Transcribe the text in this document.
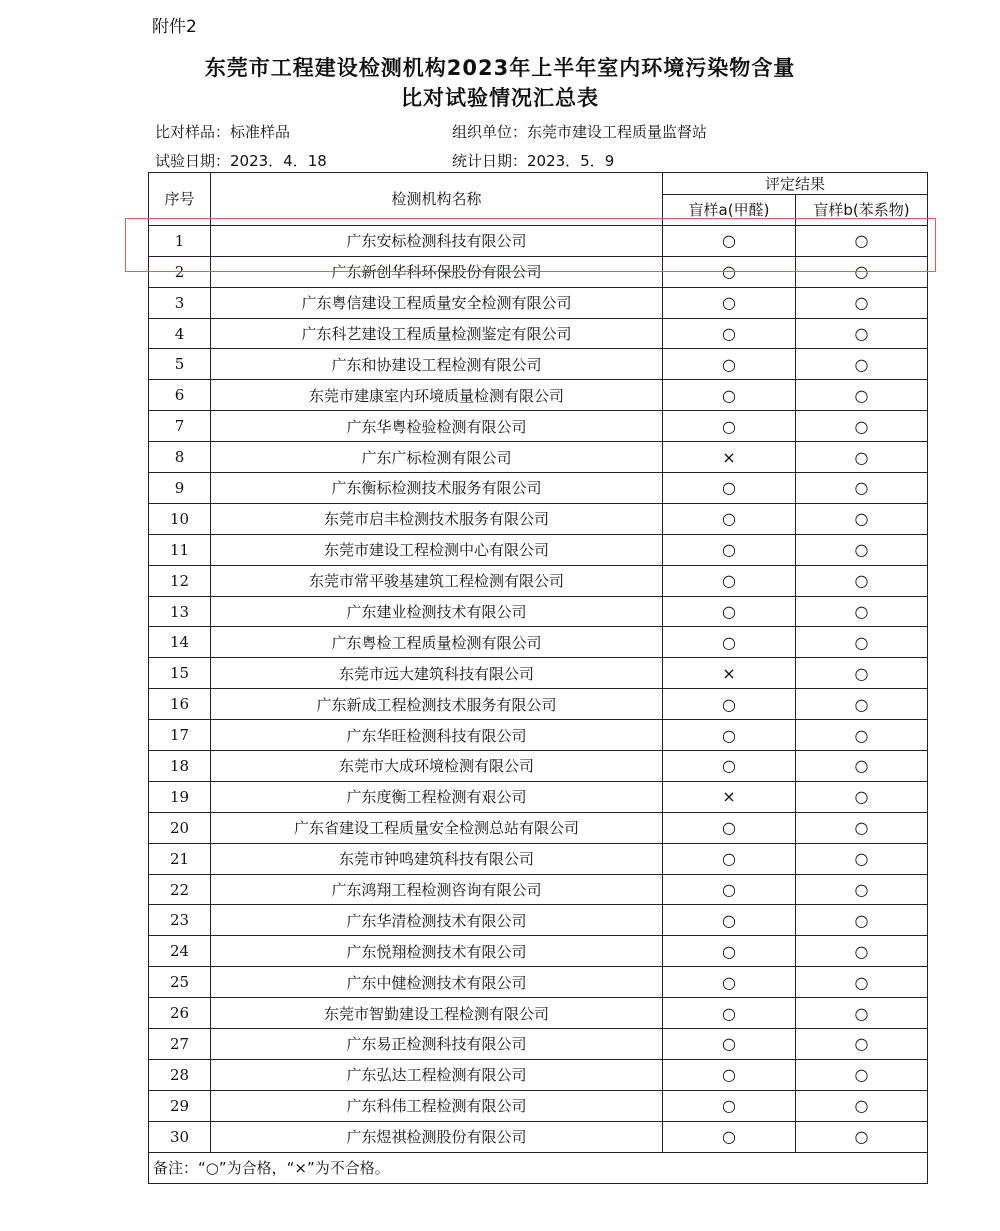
附件2
东莞市工程建设检测机构2023年上半年室内环境污染物含量
比对试验情况汇总表
比对样品：标准样品	组织单位：东莞市建设工程质量监督站
试验日期：2023．4．18	统计日期：2023．5．9
序号	检测机构名称	评定结果	
		盲样a(甲醛)	盲样b(苯系物)
1	广东安标检测科技有限公司	○	○
2	广东新创华科环保股份有限公司	○	○
3	广东粤信建设工程质量安全检测有限公司	○	○
4	广东科艺建设工程质量检测鉴定有限公司	○	○
5	广东和协建设工程检测有限公司	○	○
6	东莞市建康室内环境质量检测有限公司	○	○
7	广东华粤检验检测有限公司	○	○
8	广东广标检测有限公司	×	○
9	广东衡标检测技术服务有限公司	○	○
10	东莞市启丰检测技术服务有限公司	○	○
11	东莞市建设工程检测中心有限公司	○	○
12	东莞市常平骏基建筑工程检测有限公司	○	○
13	广东建业检测技术有限公司	○	○
14	广东粤检工程质量检测有限公司	○	○
15	东莞市远大建筑科技有限公司	×	○
16	广东新成工程检测技术服务有限公司	○	○
17	广东华旺检测科技有限公司	○	○
18	东莞市大成环境检测有限公司	○	○
19	广东度衡工程检测有艰公司	×	○
20	广东省建设工程质量安全检测总站有限公司	○	○
21	东莞市钟鸣建筑科技有限公司	○	○
22	广东鸿翔工程检测咨询有限公司	○	○
23	广东华清检测技术有限公司	○	○
24	广东悦翔检测技术有限公司	○	○
25	广东中健检测技术有限公司	○	○
26	东莞市智勤建设工程检测有限公司	○	○
27	广东易正检测科技有限公司	○	○
28	广东弘达工程检测有限公司	○	○
29	广东科伟工程检测有限公司	○	○
30	广东煜祺检测股份有限公司	○	○
备注：“○”为合格，“×”为不合格。			
